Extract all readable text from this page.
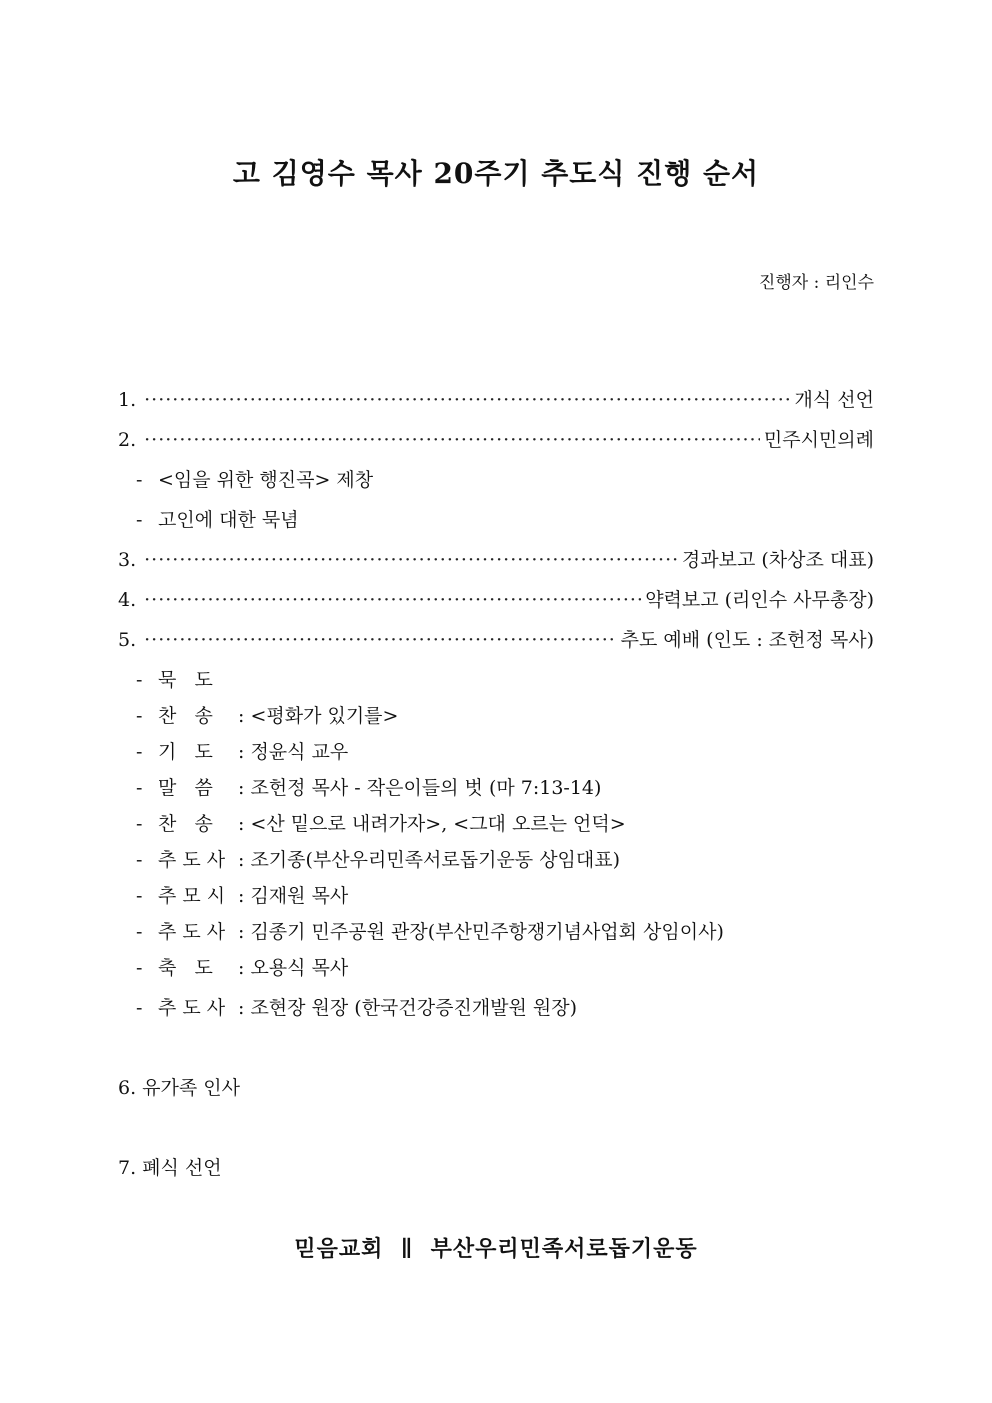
고 김영수 목사 20주기 추도식 진행 순서

진행자 : 리인수

1. ·····	개식 선언
2. ·····	민주시민의례
- <임을 위한 행진곡> 제창
- 고인에 대한 묵념
3. ·····	경과보고 (차상조 대표)
4. ·····	약력보고 (리인수 사무총장)
5. ·····	추도 예배 (인도 : 조헌정 목사)
- 묵   도
- 찬   송 : <평화가 있기를>
- 기   도 : 정윤식 교우
- 말   씀 : 조헌정 목사 - 작은이들의 벗 (마 7:13-14)
- 찬   송 : <산 밑으로 내려가자>, <그대 오르는 언덕>
- 추 도 사 : 조기종(부산우리민족서로돕기운동 상임대표)
- 추 모 시 : 김재원 목사
- 추 도 사 : 김종기 민주공원 관장(부산민주항쟁기념사업회 상임이사)
- 축   도 : 오용식 목사
- 추 도 사 : 조현장 원장 (한국건강증진개발원 원장)
6. 유가족 인사
7. 폐식 선언
믿음교회  ∥  부산우리민족서로돕기운동
